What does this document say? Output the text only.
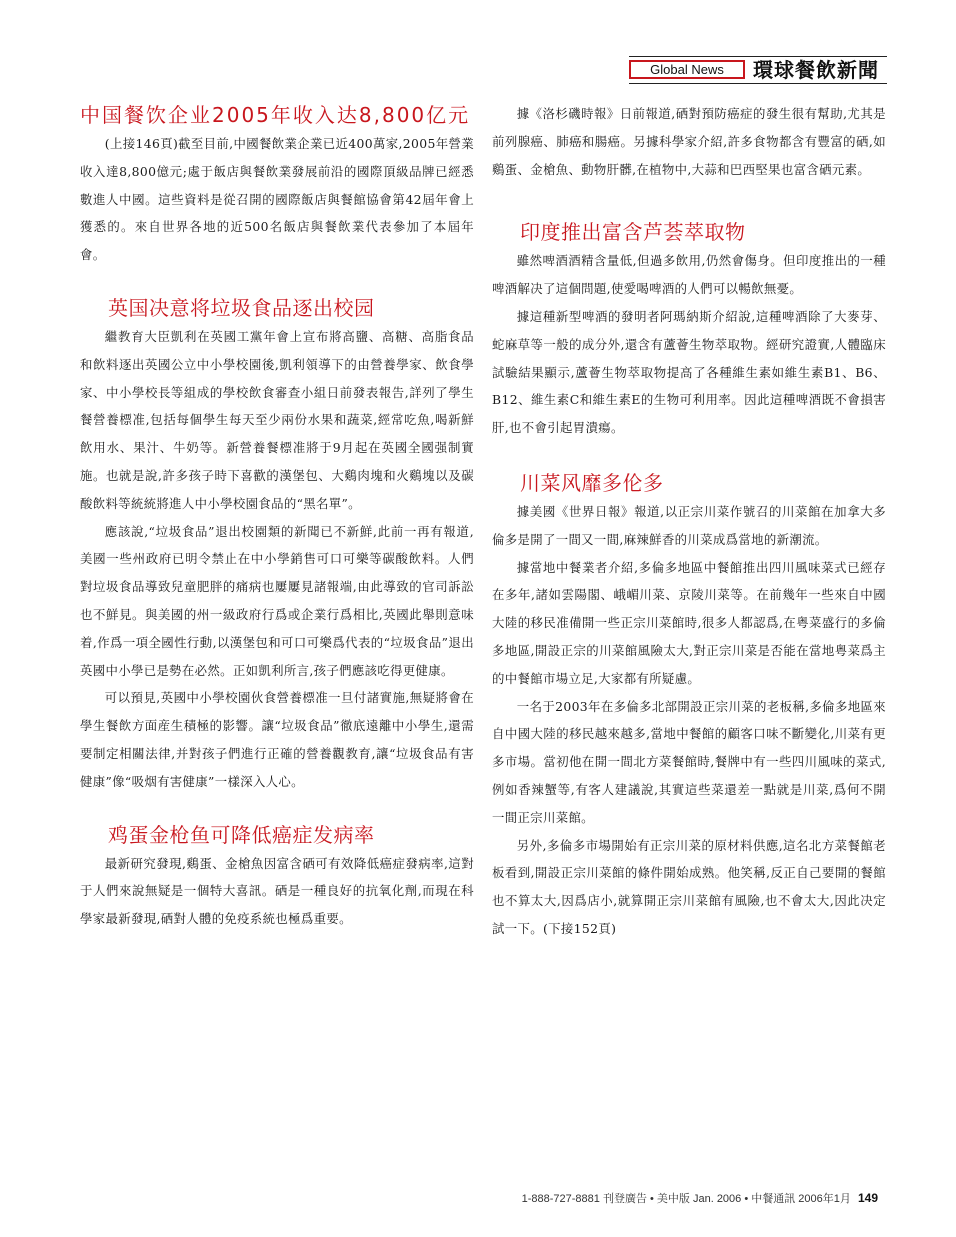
Global News	環球餐飲新聞
中国餐饮企业2005年收入达8,800亿元

(上接146頁)截至目前,中國餐飲業企業已近400萬家,2005年營業收入達8,800億元;處于飯店與餐飲業發展前沿的國際頂級品牌已經悉數進人中國。這些資料是從召開的國際飯店與餐館協會第42屆年會上獲悉的。來自世界各地的近500名飯店與餐飲業代表參加了本屆年會。

英国决意将垃圾食品逐出校园

繼教育大臣凱利在英國工黨年會上宣布將高鹽、高糖、高脂食品和飲料逐出英國公立中小學校園後,凱利領導下的由營養學家、飲食學家、中小學校長等組成的學校飲食審查小組日前發表報告,詳列了學生餐營養標准,包括每個學生每天至少兩份水果和蔬菜,經常吃魚,喝新鮮飲用水、果汁、牛奶等。新營養餐標准將于9月起在英國全國强制實施。也就是說,許多孩子時下喜歡的漢堡包、大鷄肉塊和火鷄塊以及碳酸飲料等統統將進人中小學校園食品的“黑名單”。

應該說,“垃圾食品”退出校園類的新聞已不新鮮,此前一再有報道,美國一些州政府已明令禁止在中小學銷售可口可樂等碳酸飲料。人們對垃圾食品導致兒童肥胖的痛病也屢屢見諸報端,由此導致的官司訴訟也不鮮見。與美國的州一級政府行爲或企業行爲相比,英國此舉則意味着,作爲一項全國性行動,以漢堡包和可口可樂爲代表的“垃圾食品”退出英國中小學已是勢在必然。正如凱利所言,孩子們應該吃得更健康。

可以預見,英國中小學校園伙食營養標准一旦付諸實施,無疑將會在學生餐飲方面産生積極的影響。讓“垃圾食品”徹底遠離中小學生,還需要制定相關法律,并對孩子們進行正確的營養觀教育,讓“垃圾食品有害健康”像“吸烟有害健康”一樣深入人心。

鸡蛋金枪鱼可降低癌症发病率

最新研究發現,鷄蛋、金槍魚因富含硒可有效降低癌症發病率,這對于人們來說無疑是一個特大喜訊。硒是一種良好的抗氧化劑,而現在科學家最新發現,硒對人體的免疫系統也極爲重要。

據《洛杉磯時報》日前報道,硒對預防癌症的發生很有幫助,尤其是前列腺癌、肺癌和腸癌。另據科學家介紹,許多食物都含有豐富的硒,如鷄蛋、金槍魚、動物肝髒,在植物中,大蒜和巴西堅果也富含硒元素。

印度推出富含芦荟萃取物

雖然啤酒酒精含量低,但過多飲用,仍然會傷身。但印度推出的一種啤酒解决了這個問題,使愛喝啤酒的人們可以暢飲無憂。

據這種新型啤酒的發明者阿瑪納斯介紹說,這種啤酒除了大麥芽、蛇麻草等一般的成分外,還含有蘆薈生物萃取物。經研究證實,人體臨床試驗結果顯示,蘆薈生物萃取物提高了各種維生素如維生素B1、B6、B12、維生素C和維生素E的生物可利用率。因此這種啤酒既不會損害肝,也不會引起胃潰瘍。

川菜风靡多伦多

據美國《世界日報》報道,以正宗川菜作號召的川菜館在加拿大多倫多是開了一間又一間,麻辣鮮香的川菜成爲當地的新潮流。

據當地中餐業者介紹,多倫多地區中餐館推出四川風味菜式已經存在多年,諸如雲陽閣、峨嵋川菜、京陵川菜等。在前幾年一些來自中國大陸的移民准備開一些正宗川菜館時,很多人都認爲,在粤菜盛行的多倫多地區,開設正宗的川菜館風險太大,對正宗川菜是否能在當地粤菜爲主的中餐館市場立足,大家都有所疑慮。

一名于2003年在多倫多北部開設正宗川菜的老板稱,多倫多地區來自中國大陸的移民越來越多,當地中餐館的顧客口味不斷變化,川菜有更多市場。當初他在開一間北方菜餐館時,餐牌中有一些四川風味的菜式,例如香辣蟹等,有客人建議說,其實這些菜還差一點就是川菜,爲何不開一間正宗川菜館。

另外,多倫多市場開始有正宗川菜的原材料供應,這名北方菜餐館老板看到,開設正宗川菜館的條件開始成熟。他笑稱,反正自己要開的餐館也不算太大,因爲店小,就算開正宗川菜館有風險,也不會太大,因此决定試一下。(下接152頁)

1-888-727-8881 刊登廣告 • 美中版 Jan. 2006 • 中餐通訊 2006年1月 149
